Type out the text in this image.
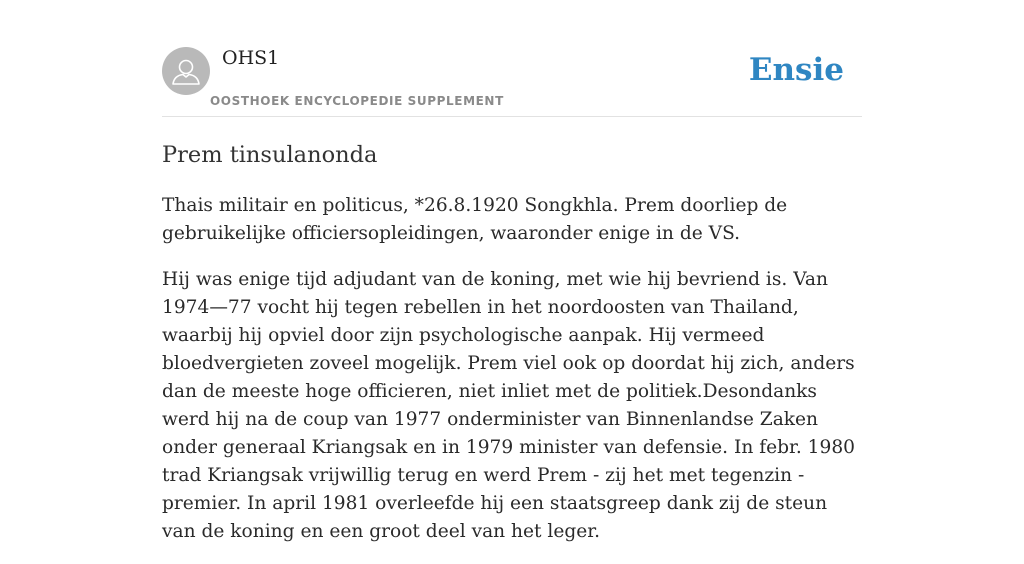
OHS1
OOSTHOEK ENCYCLOPEDIE SUPPLEMENT
Ensie
Prem tinsulanonda

Thais militair en politicus, *26.8.1920 Songkhla. Prem doorliep de gebruikelijke officiersopleidingen, waaronder enige in de VS.

Hij was enige tijd adjudant van de koning, met wie hij bevriend is. Van 1974—77 vocht hij tegen rebellen in het noordoosten van Thailand, waarbij hij opviel door zijn psychologische aanpak. Hij vermeed bloedvergieten zoveel mogelijk. Prem viel ook op doordat hij zich, anders dan de meeste hoge officieren, niet inliet met de politiek.Desondanks werd hij na de coup van 1977 onderminister van Binnenlandse Zaken onder generaal Kriangsak en in 1979 minister van defensie. In febr. 1980 trad Kriangsak vrijwillig terug en werd Prem - zij het met tegenzin - premier. In april 1981 overleefde hij een staatsgreep dank zij de steun van de koning en een groot deel van het leger.
